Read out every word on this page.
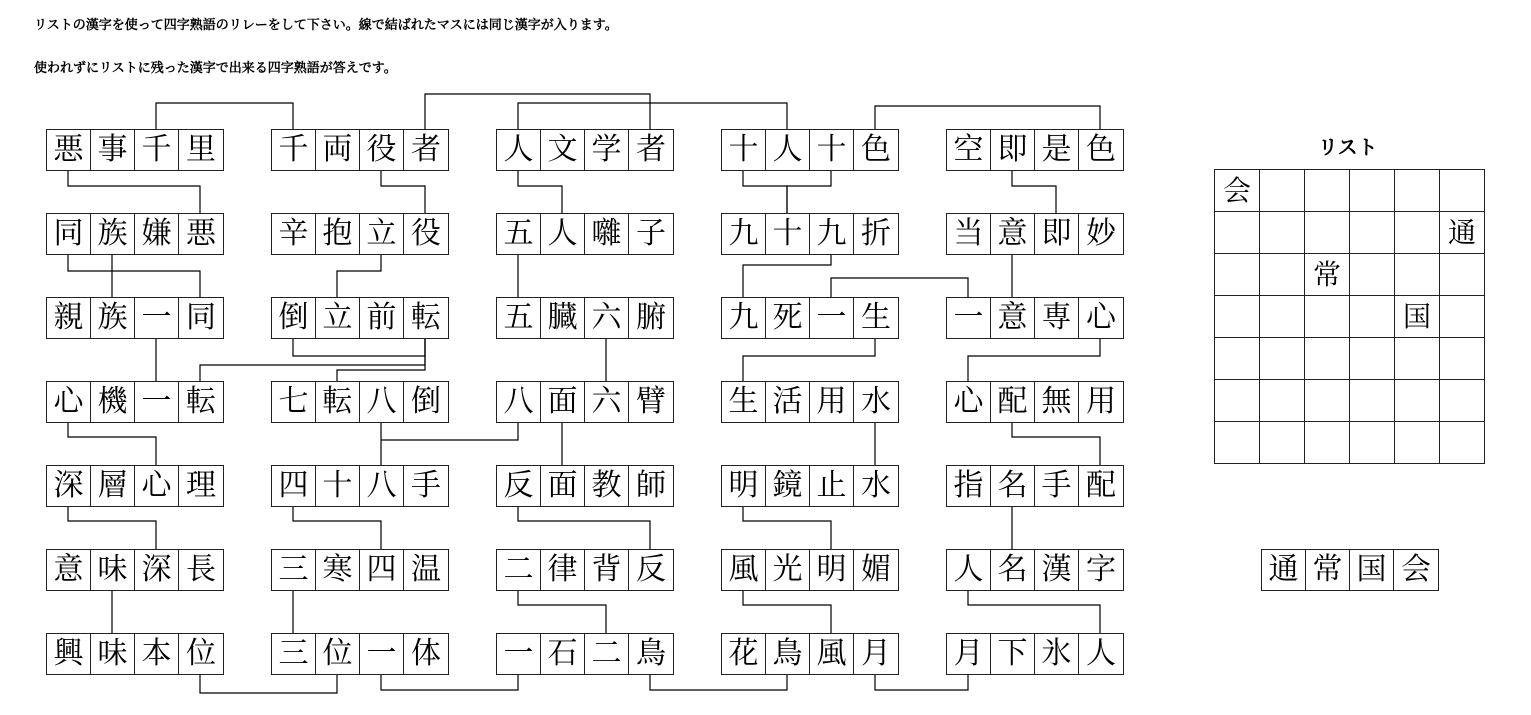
リストの漢字を使って四字熟語のリレーをして下さい。線で結ばれたマスには同じ漢字が入ります。

使われずにリストに残った漢字で出来る四字熟語が答えです。

悪 事 千 里
同 族 嫌 悪
親 族 一 同
心 機 一 転
深 層 心 理
意 味 深 長
興 味 本 位
千 両 役 者
辛 抱 立 役
倒 立 前 転
七 転 八 倒
四 十 八 手
三 寒 四 温
三 位 一 体
人 文 学 者
五 人 囃 子
五 臓 六 腑
八 面 六 臂
反 面 教 師
二 律 背 反
一 石 二 鳥
十 人 十 色
九 十 九 折
九 死 一 生
生 活 用 水
明 鏡 止 水
風 光 明 媚
花 鳥 風 月
空 即 是 色
当 意 即 妙
一 意 専 心
心 配 無 用
指 名 手 配
人 名 漢 字
月 下 氷 人

リスト

会
通
常
国
通 常 国 会
